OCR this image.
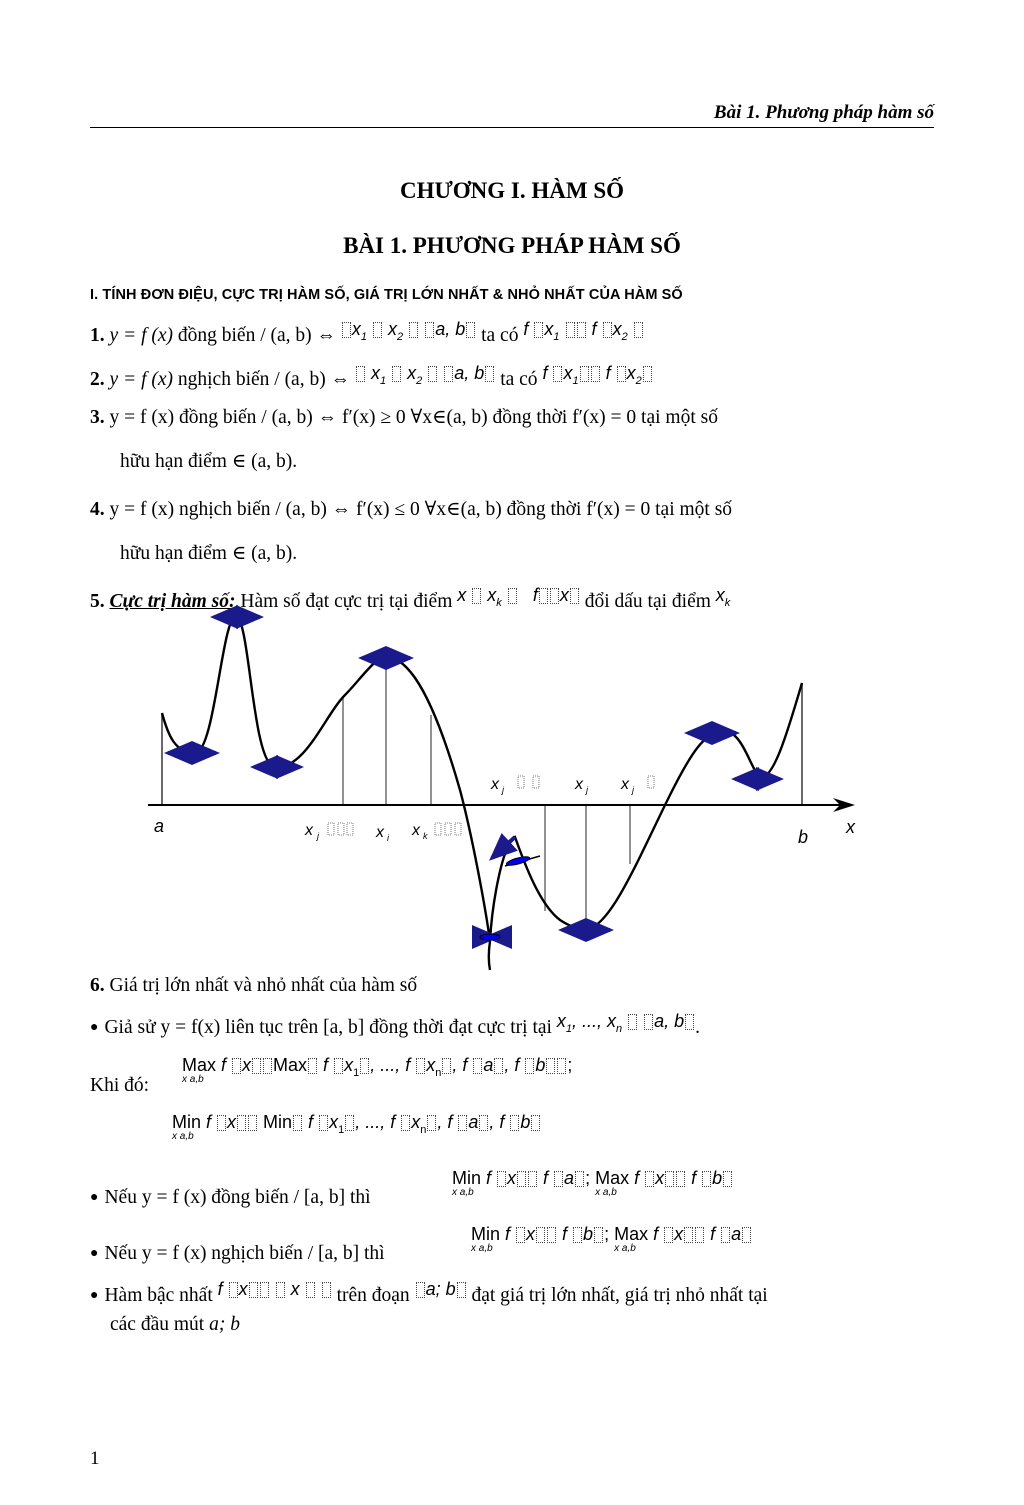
Bài 1. Phương pháp hàm số
CHƯƠNG I. HÀM SỐ
BÀI 1. PHƯƠNG PHÁP HÀM SỐ
I. TÍNH ĐƠN ĐIỆU, CỰC TRỊ HÀM SỐ, GIÁ TRỊ LỚN NHẤT & NHỎ NHẤT CỦA HÀM SỐ
1. y = f (x) đồng biến / (a, b) ⇔ $x_1$ $x_2$ a, b ta có f $x_1$ f $x_2$
2. y = f (x) nghịch biến / (a, b) ⇔  $x_1$ $x_2$ a, b ta có f $x_1$ f $x_2$
3. y = f (x) đồng biến / (a, b) ⇔ f′(x) ≥ 0 ∀x∈(a, b) đồng thời f′(x) = 0 tại một số
hữu hạn điểm ∈ (a, b).
4. y = f (x) nghịch biến / (a, b) ⇔ f′(x) ≤ 0 ∀x∈(a, b) đồng thời f′(x) = 0 tại một số
hữu hạn điểm ∈ (a, b).
5. Cực trị hàm số: Hàm số đạt cực trị tại điểm x $x_k$ f x đổi dấu tại điểm $x_k$
a
b x
x j	x i x k
x j	x j x j
6. Giá trị lớn nhất và nhỏ nhất của hàm số
● Giả sử y = f(x) liên tục trên [a, b] đồng thời đạt cực trị tại $x_1$, ..., $x_n$ a, b .
Khi đó:
Max
x a,b
f x Max f $x_1$ , ..., f $x_n$ , f a , f b ;
Min
x a,b
f x Min f $x_1$ , ..., f $x_n$ , f a , f b
● Nếu y = f (x) đồng biến / [a, b] thì
Min
x a,b
f x f a ; Max
x a,b
f x f b
● Nếu y = f (x) nghịch biến / [a, b] thì
Min
x a,b
f x f b ; Max
x a,b
f x f a
● Hàm bậc nhất f x  x   trên đoạn a; b đạt giá trị lớn nhất, giá trị nhỏ nhất tại
các đầu mút a; b
1
